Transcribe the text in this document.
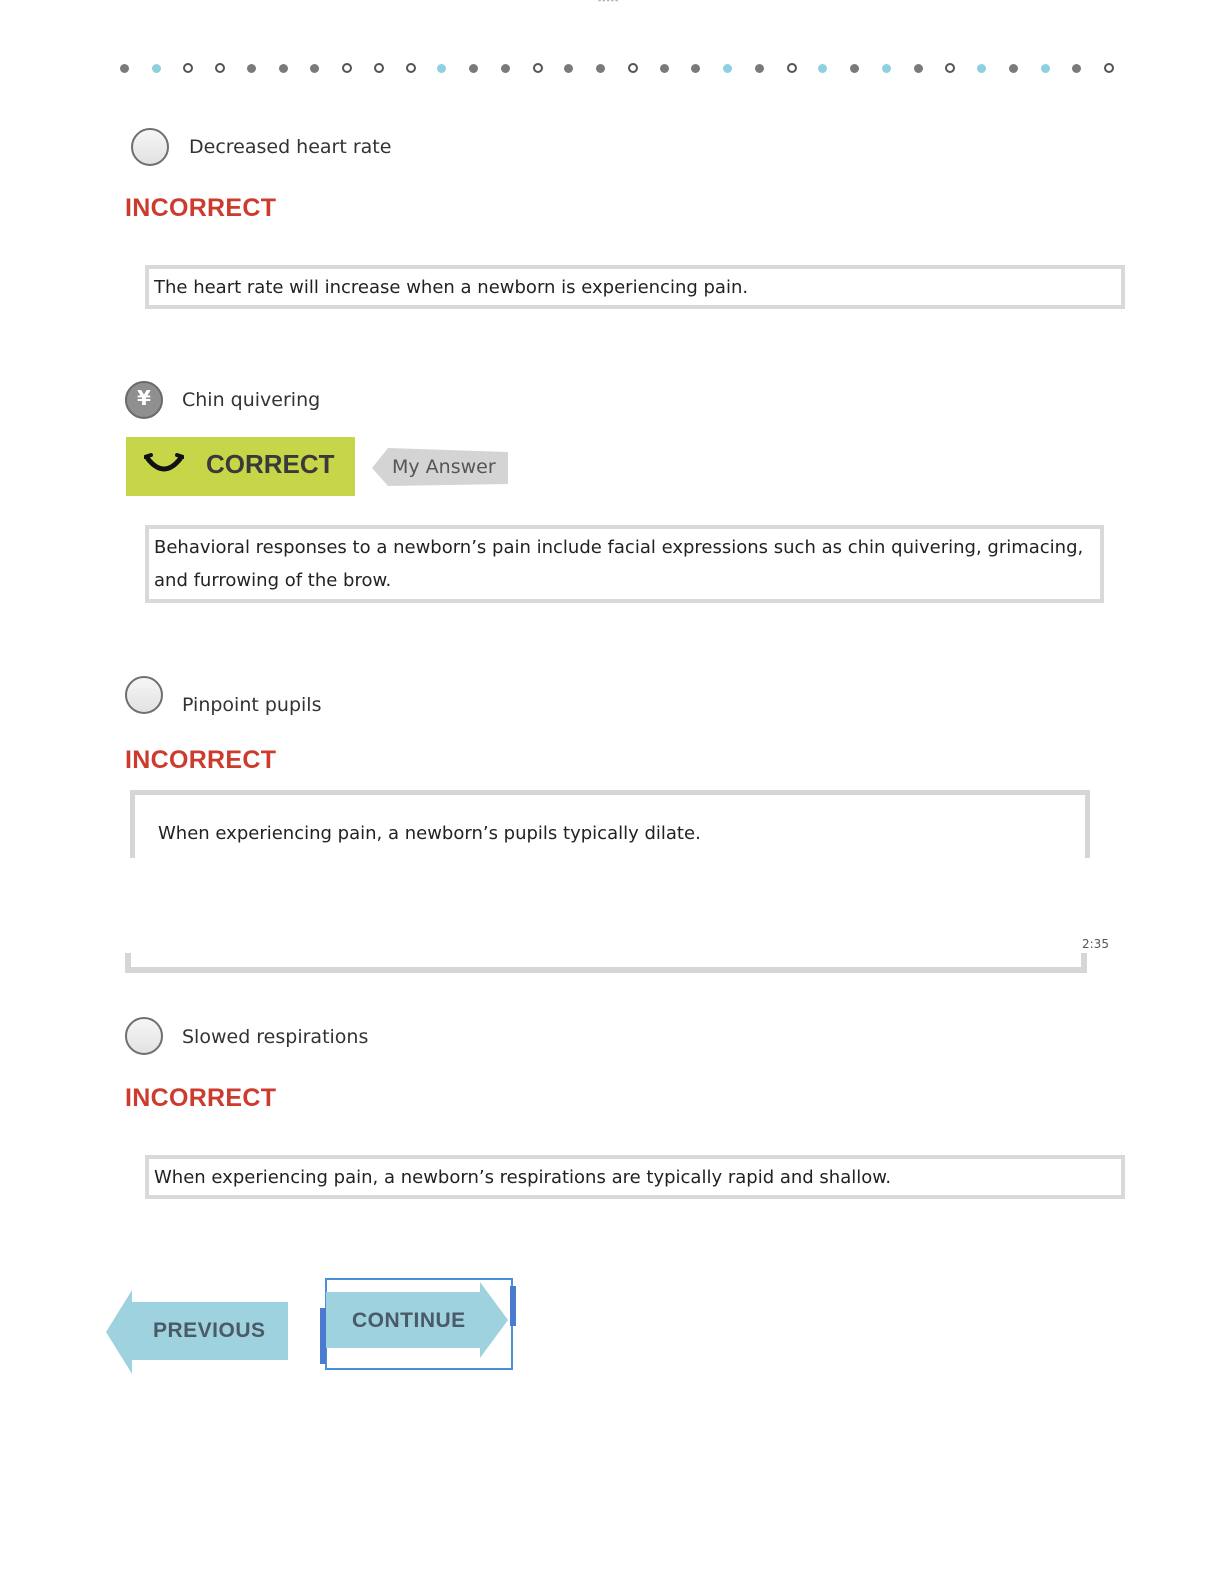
-----
Decreased heart rate
INCORRECT
The heart rate will increase when a newborn is experiencing pain.
¥	Chin quivering
CORRECT	My Answer
Behavioral responses to a newborn’s pain include facial expressions such as chin quivering, grimacing, and furrowing of the brow.
Pinpoint pupils
INCORRECT
When experiencing pain, a newborn’s pupils typically dilate.
2:35
Slowed respirations
INCORRECT
When experiencing pain, a newborn’s respirations are typically rapid and shallow.
PREVIOUS	CONTINUE
